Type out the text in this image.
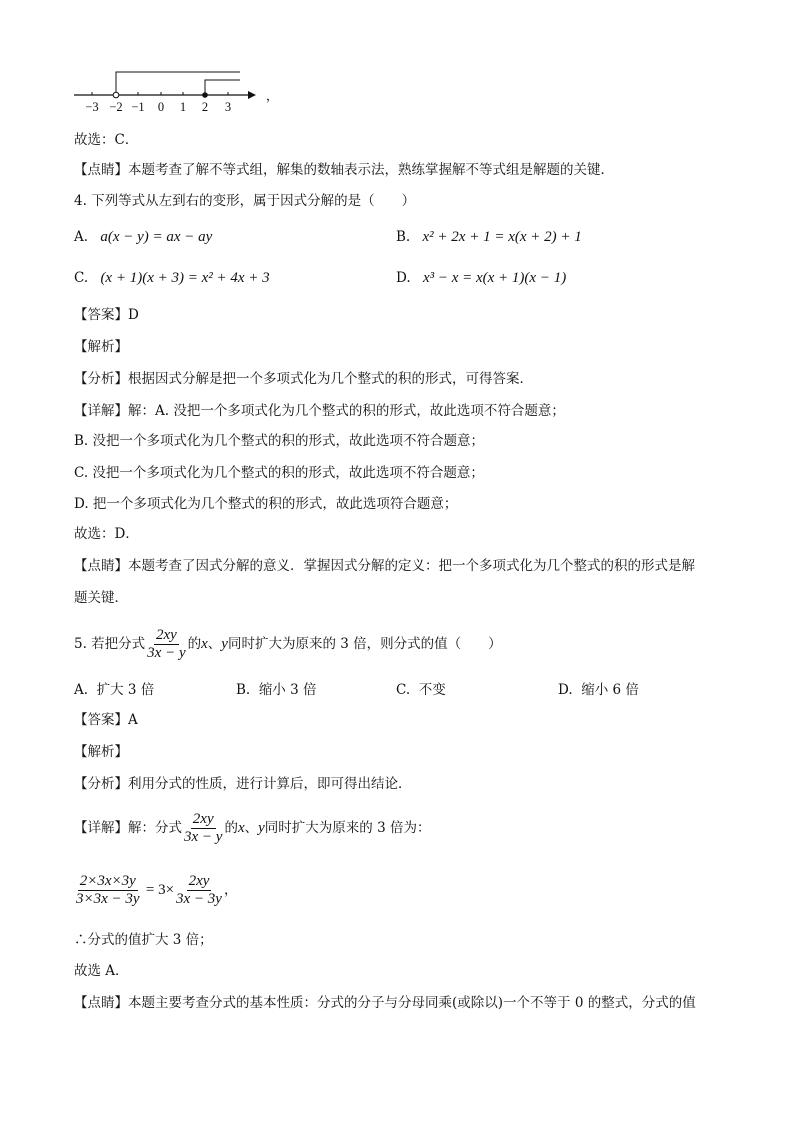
−3 −2 −1 0 1 2 3
，
故选：C．
【点睛】本题考查了解不等式组，解集的数轴表示法，熟练掌握解不等式组是解题的关键．
4. 下列等式从左到右的变形，属于因式分解的是（　　）
A. a(x − y) = ax − ay	B. x² + 2x + 1 = x(x + 2) + 1
C. (x + 1)(x + 3) = x² + 4x + 3	D. x³ − x = x(x + 1)(x − 1)
【答案】D
【解析】
【分析】根据因式分解是把一个多项式化为几个整式的积的形式，可得答案．
【详解】解：A. 没把一个多项式化为几个整式的积的形式，故此选项不符合题意；
B. 没把一个多项式化为几个整式的积的形式，故此选项不符合题意；
C. 没把一个多项式化为几个整式的积的形式，故此选项不符合题意；
D. 把一个多项式化为几个整式的积的形式，故此选项符合题意；
故选：D．
【点睛】本题考查了因式分解的意义．掌握因式分解的定义：把一个多项式化为几个整式的积的形式是解
题关键．
5. 若把分式 $\frac{2xy}{3x - y}$ 的x、y同时扩大为原来的 3 倍，则分式的值（　　）
A. 扩大 3 倍	B. 缩小 3 倍	C. 不变	D. 缩小 6 倍
【答案】A
【解析】
【分析】利用分式的性质，进行计算后，即可得出结论．
【详解】解：分式 $\frac{2xy}{3x - y}$ 的x、y同时扩大为原来的 3 倍为：
$\frac{2\times 3x\times 3y}{3\times 3x - 3y} = 3\times \frac{2xy}{3x - 3y}$ ，
∴分式的值扩大 3 倍；
故选 A．
【点睛】本题主要考查分式的基本性质：分式的分子与分母同乘(或除以)一个不等于 0 的整式，分式的值
